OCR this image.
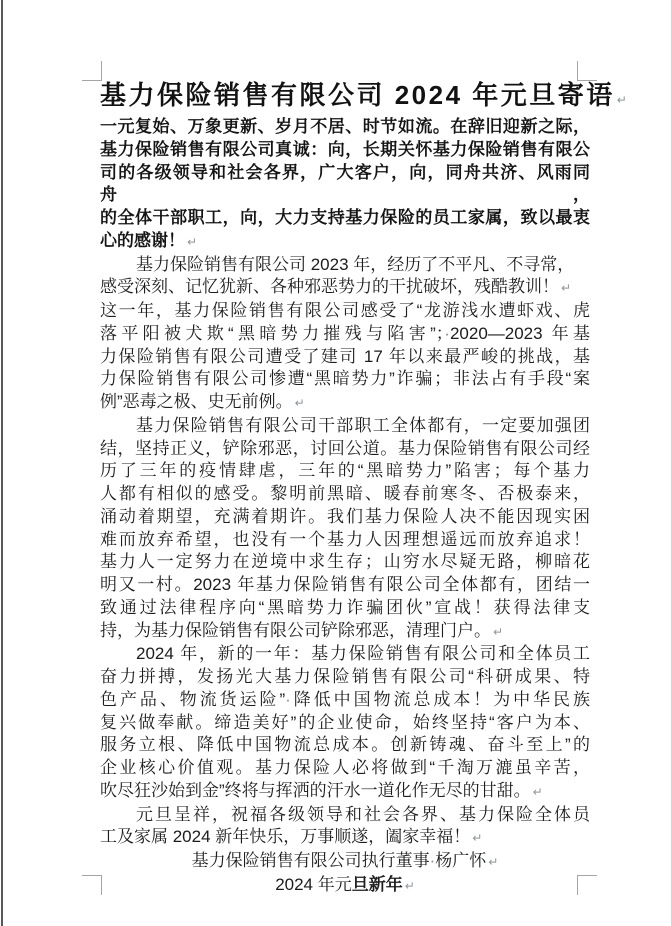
基力保险销售有限公司 2024 年元旦寄语 ↵
一元复始、万象更新、岁月不居、时节如流。在辞旧迎新之际，
基力保险销售有限公司真诚：向，长期关怀基力保险销售有限公
司的各级领导和社会各界，广大客户，向，同舟共济、风雨同舟，
的全体干部职工，向，大力支持基力保险的员工家属，致以最衷
心的感谢！ ↵
基力保险销售有限公司 2023 年，经历了不平凡、不寻常，
感受深刻、记忆犹新、各种邪恶势力的干扰破坏，残酷教训！ ↵
这一年，基力保险销售有限公司感受了“龙游浅水遭虾戏、虎
落平阳被犬欺“黑暗势力摧残与陷害”；·2020—2023 年基
力保险销售有限公司遭受了建司 17 年以来最严峻的挑战，基
力保险销售有限公司惨遭“黑暗势力”诈骗；非法占有手段“案
例”恶毒之极、史无前例。 ↵
基力保险销售有限公司干部职工全体都有，一定要加强团
结，坚持正义，铲除邪恶，讨回公道。基力保险销售有限公司经
历了三年的疫情肆虐，三年的“黑暗势力”陷害；每个基力
人都有相似的感受。黎明前黑暗、暖春前寒冬、否极泰来，
涌动着期望，充满着期许。我们基力保险人决不能因现实困
难而放弃希望，也没有一个基力人因理想遥远而放弃追求！
基力人一定努力在逆境中求生存；山穷水尽疑无路，柳暗花
明又一村。2023 年基力保险销售有限公司全体都有，团结一
致通过法律程序向“黑暗势力诈骗团伙”宣战！获得法律支
持，为基力保险销售有限公司铲除邪恶，清理门户。 ↵
2024 年，新的一年：基力保险销售有限公司和全体员工
奋力拼搏，发扬光大基力保险销售有限公司“科研成果、特
色产品、物流货运险”·降低中国物流总成本！为中华民族
复兴做奉献。缔造美好”的企业使命，始终坚持“客户为本、
服务立根、降低中国物流总成本。创新铸魂、奋斗至上”的
企业核心价值观。基力保险人必将做到“千淘万漉虽辛苦，
吹尽狂沙始到金”终将与挥洒的汗水一道化作无尽的甘甜。 ↵
元旦呈祥，祝福各级领导和社会各界、基力保险全体员
工及家属 2024 新年快乐，万事顺遂，阖家幸福！ ↵
基力保险销售有限公司执行董事·杨广怀 ↵
2024 年元旦新年 ↵
